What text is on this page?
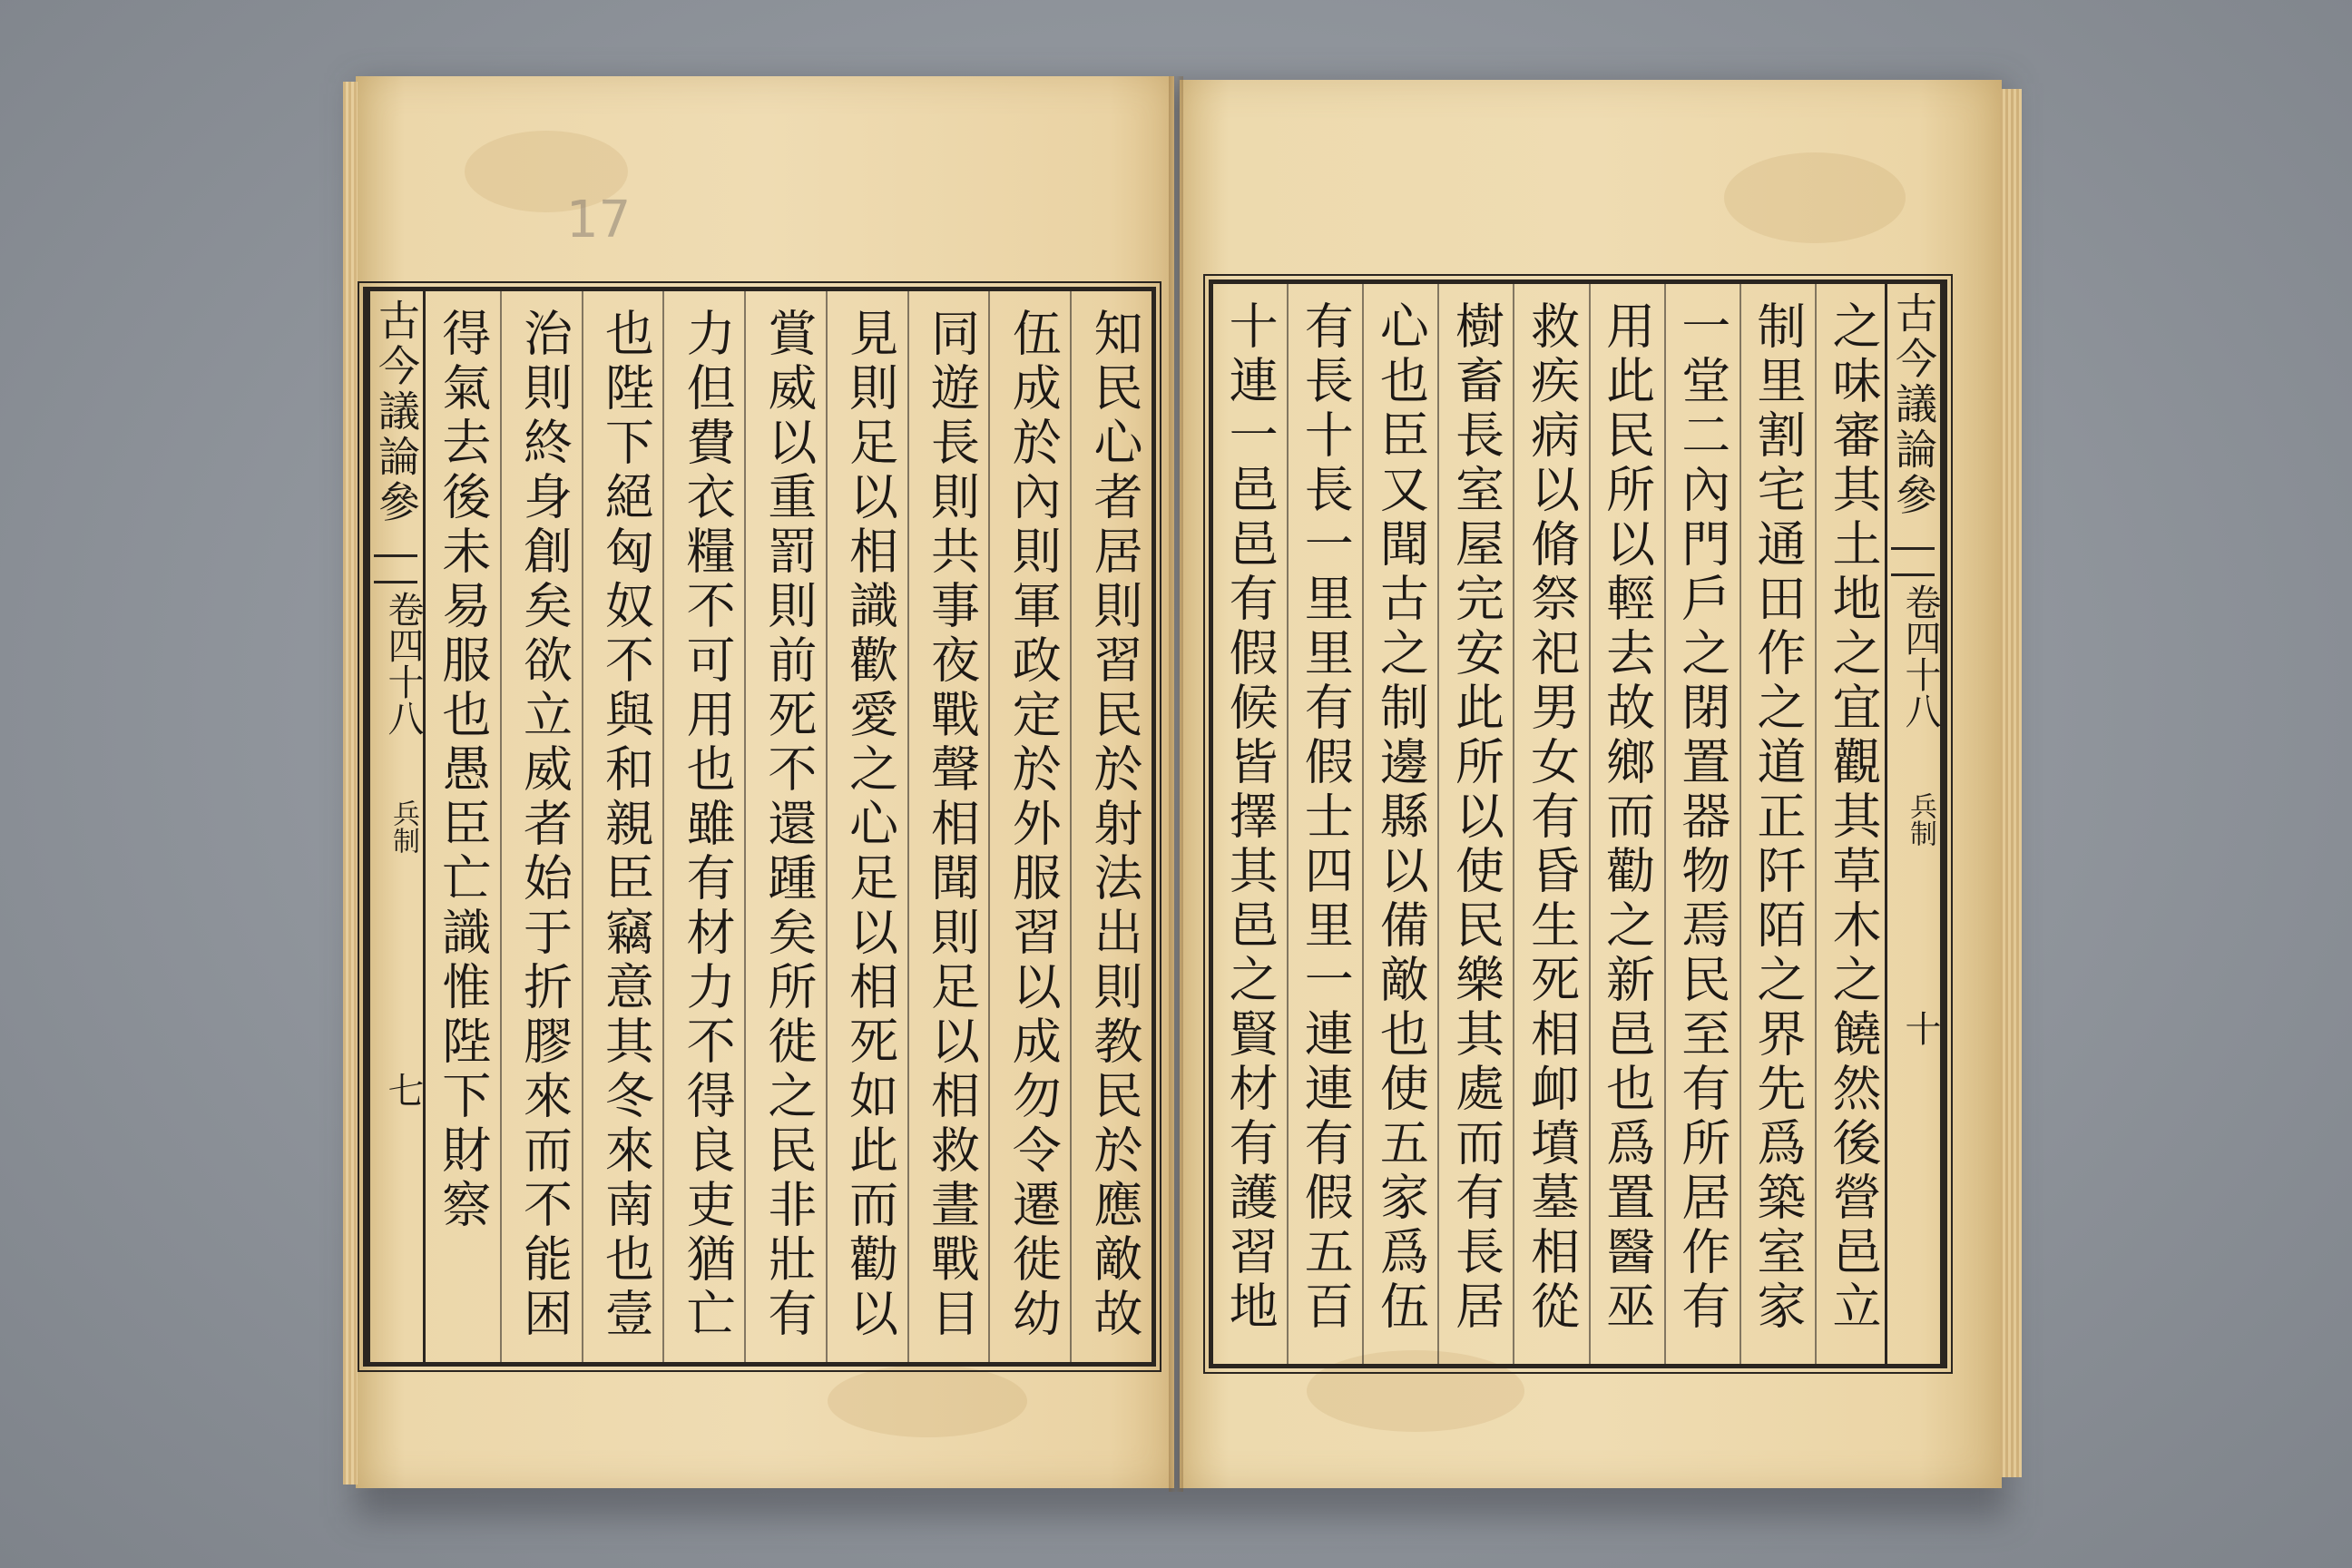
17
古今議論參
卷四十八
兵制
七
知民心者居則習民於射法出則教民於應敵故
伍成於內則軍政定於外服習以成勿令遷徙幼
同遊長則共事夜戰聲相聞則足以相救晝戰目
見則足以相識歡愛之心足以相死如此而勸以
賞威以重罰則前死不還踵矣所徙之民非壯有
力但費衣糧不可用也雖有材力不得良吏猶亡
也陛下絕匈奴不與和親臣竊意其冬來南也壹
治則終身創矣欲立威者始于折膠來而不能困
得氣去後未易服也愚臣亡識惟陛下財察	古今議論參
卷四十八
兵制
十
之味審其土地之宜觀其草木之饒然後營邑立
制里割宅通田作之道正阡陌之界先爲築室家
一堂二內門戶之閉置器物焉民至有所居作有
用此民所以輕去故鄉而勸之新邑也爲置醫巫
救疾病以脩祭祀男女有昏生死相卹墳墓相從
樹畜長室屋完安此所以使民樂其處而有長居
心也臣又聞古之制邊縣以備敵也使五家爲伍
有長十長一里里有假士四里一連連有假五百
十連一邑邑有假候皆擇其邑之賢材有護習地
